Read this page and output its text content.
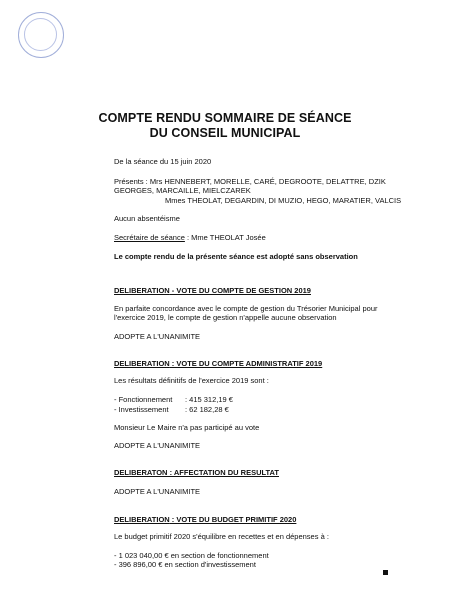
COMPTE RENDU SOMMAIRE DE SÉANCE
DU CONSEIL MUNICIPAL
De la séance du 15 juin 2020
Présents : Mrs HENNEBERT, MORELLE, CARÉ, DEGROOTE, DELATTRE, DZIK
GEORGES, MARCAILLE, MIELCZAREK
Mmes THEOLAT, DEGARDIN, DI MUZIO, HEGO, MARATIER, VALCIS
Aucun absentéisme
Secrétaire de séance : Mme THEOLAT Josée
Le compte rendu de la présente séance est adopté sans observation
DELIBERATION - VOTE DU COMPTE DE GESTION 2019
En parfaite concordance avec le compte de gestion du Trésorier Municipal pour
l'exercice 2019, le compte de gestion n'appelle aucune observation
ADOPTE A L'UNANIMITE
DELIBERATION : VOTE DU COMPTE ADMINISTRATIF 2019
Les résultats définitifs de l'exercice 2019 sont :
- Fonctionnement : 415 312,19 €
- Investissement : 62 182,28 €
Monsieur Le Maire n'a pas participé au vote
ADOPTE A L'UNANIMITE
DELIBERATON : AFFECTATION DU RESULTAT
ADOPTE A L'UNANIMITE
DELIBERATION : VOTE DU BUDGET PRIMITIF 2020
Le budget primitif 2020 s'équilibre en recettes et en dépenses à :
- 1 023 040,00 € en section de fonctionnement
- 396 896,00 € en section d'investissement
